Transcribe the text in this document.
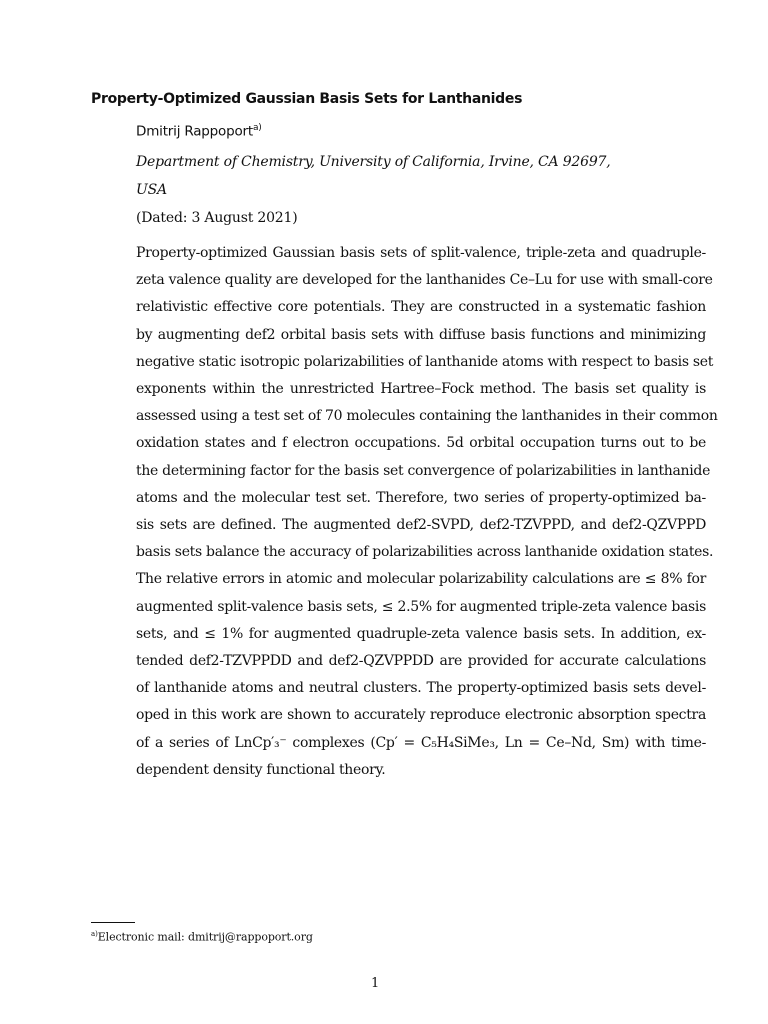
Property-Optimized Gaussian Basis Sets for Lanthanides
Dmitrij Rappoport$^{a)}$
Department of Chemistry, University of California, Irvine, CA 92697,
USA
(Dated: 3 August 2021)
Property-optimized Gaussian basis sets of split-valence, triple-zeta and quadruple-
zeta valence quality are developed for the lanthanides Ce–Lu for use with small-core
relativistic effective core potentials. They are constructed in a systematic fashion
by augmenting def2 orbital basis sets with diffuse basis functions and minimizing
negative static isotropic polarizabilities of lanthanide atoms with respect to basis set
exponents within the unrestricted Hartree–Fock method. The basis set quality is
assessed using a test set of 70 molecules containing the lanthanides in their common
oxidation states and f electron occupations. 5d orbital occupation turns out to be
the determining factor for the basis set convergence of polarizabilities in lanthanide
atoms and the molecular test set. Therefore, two series of property-optimized ba-
sis sets are defined. The augmented def2-SVPD, def2-TZVPPD, and def2-QZVPPD
basis sets balance the accuracy of polarizabilities across lanthanide oxidation states.
The relative errors in atomic and molecular polarizability calculations are ≤ 8% for
augmented split-valence basis sets, ≤ 2.5% for augmented triple-zeta valence basis
sets, and ≤ 1% for augmented quadruple-zeta valence basis sets. In addition, ex-
tended def2-TZVPPDD and def2-QZVPPDD are provided for accurate calculations
of lanthanide atoms and neutral clusters. The property-optimized basis sets devel-
oped in this work are shown to accurately reproduce electronic absorption spectra
of a series of LnCp′₃⁻ complexes (Cp′ = C₅H₄SiMe₃, Ln = Ce–Nd, Sm) with time-
dependent density functional theory.
$^{a)}$Electronic mail: dmitrij@rappoport.org
1
